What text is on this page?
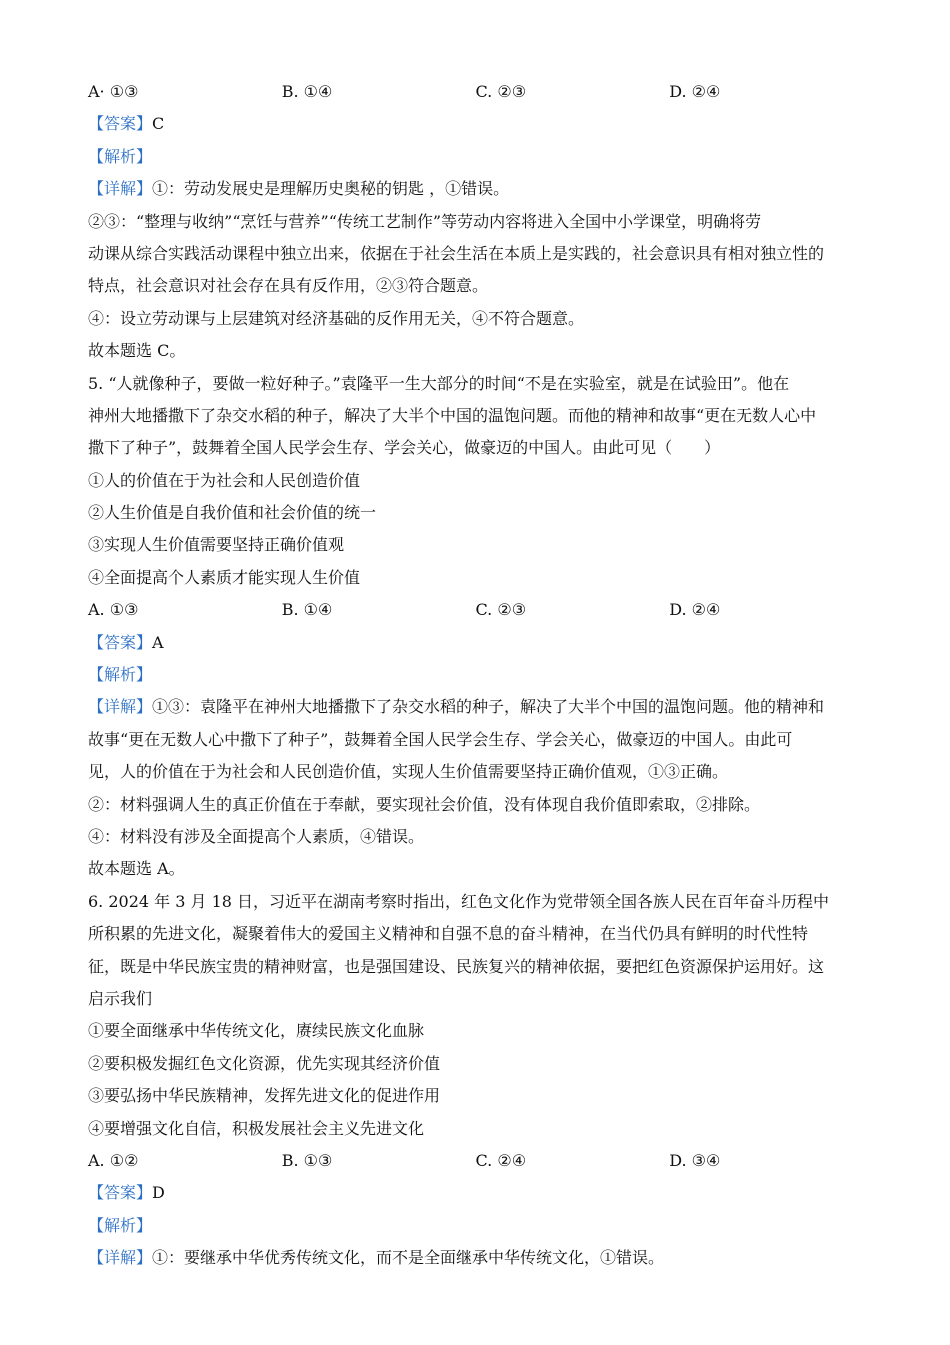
A· ①③	B. ①④	C. ②③	D. ②④
【答案】C
【解析】
【详解】①：劳动发展史是理解历史奥秘的钥匙 ，①错误。
②③：“整理与收纳”“烹饪与营养”“传统工艺制作”等劳动内容将进入全国中小学课堂，明确将劳
动课从综合实践活动课程中独立出来，依据在于社会生活在本质上是实践的，社会意识具有相对独立性的
特点，社会意识对社会存在具有反作用，②③符合题意。
④：设立劳动课与上层建筑对经济基础的反作用无关，④不符合题意。
故本题选 C。
5. “人就像种子，要做一粒好种子。”袁隆平一生大部分的时间“不是在实验室，就是在试验田”。他在
神州大地播撒下了杂交水稻的种子，解决了大半个中国的温饱问题。而他的精神和故事“更在无数人心中
撒下了种子”，鼓舞着全国人民学会生存、学会关心，做豪迈的中国人。由此可见（　　）
①人的价值在于为社会和人民创造价值
②人生价值是自我价值和社会价值的统一
③实现人生价值需要坚持正确价值观
④全面提高个人素质才能实现人生价值
A. ①③	B. ①④	C. ②③	D. ②④
【答案】A
【解析】
【详解】①③：袁隆平在神州大地播撒下了杂交水稻的种子，解决了大半个中国的温饱问题。他的精神和
故事“更在无数人心中撒下了种子”，鼓舞着全国人民学会生存、学会关心，做豪迈的中国人。由此可
见，人的价值在于为社会和人民创造价值，实现人生价值需要坚持正确价值观，①③正确。
②：材料强调人生的真正价值在于奉献，要实现社会价值，没有体现自我价值即索取，②排除。
④：材料没有涉及全面提高个人素质，④错误。
故本题选 A。
6. 2024 年 3 月 18 日，习近平在湖南考察时指出，红色文化作为党带领全国各族人民在百年奋斗历程中
所积累的先进文化，凝聚着伟大的爱国主义精神和自强不息的奋斗精神，在当代仍具有鲜明的时代性特
征，既是中华民族宝贵的精神财富，也是强国建设、民族复兴的精神依据，要把红色资源保护运用好。这
启示我们
①要全面继承中华传统文化，赓续民族文化血脉
②要积极发掘红色文化资源，优先实现其经济价值
③要弘扬中华民族精神，发挥先进文化的促进作用
④要增强文化自信，积极发展社会主义先进文化
A. ①②	B. ①③	C. ②④	D. ③④
【答案】D
【解析】
【详解】①：要继承中华优秀传统文化，而不是全面继承中华传统文化，①错误。
